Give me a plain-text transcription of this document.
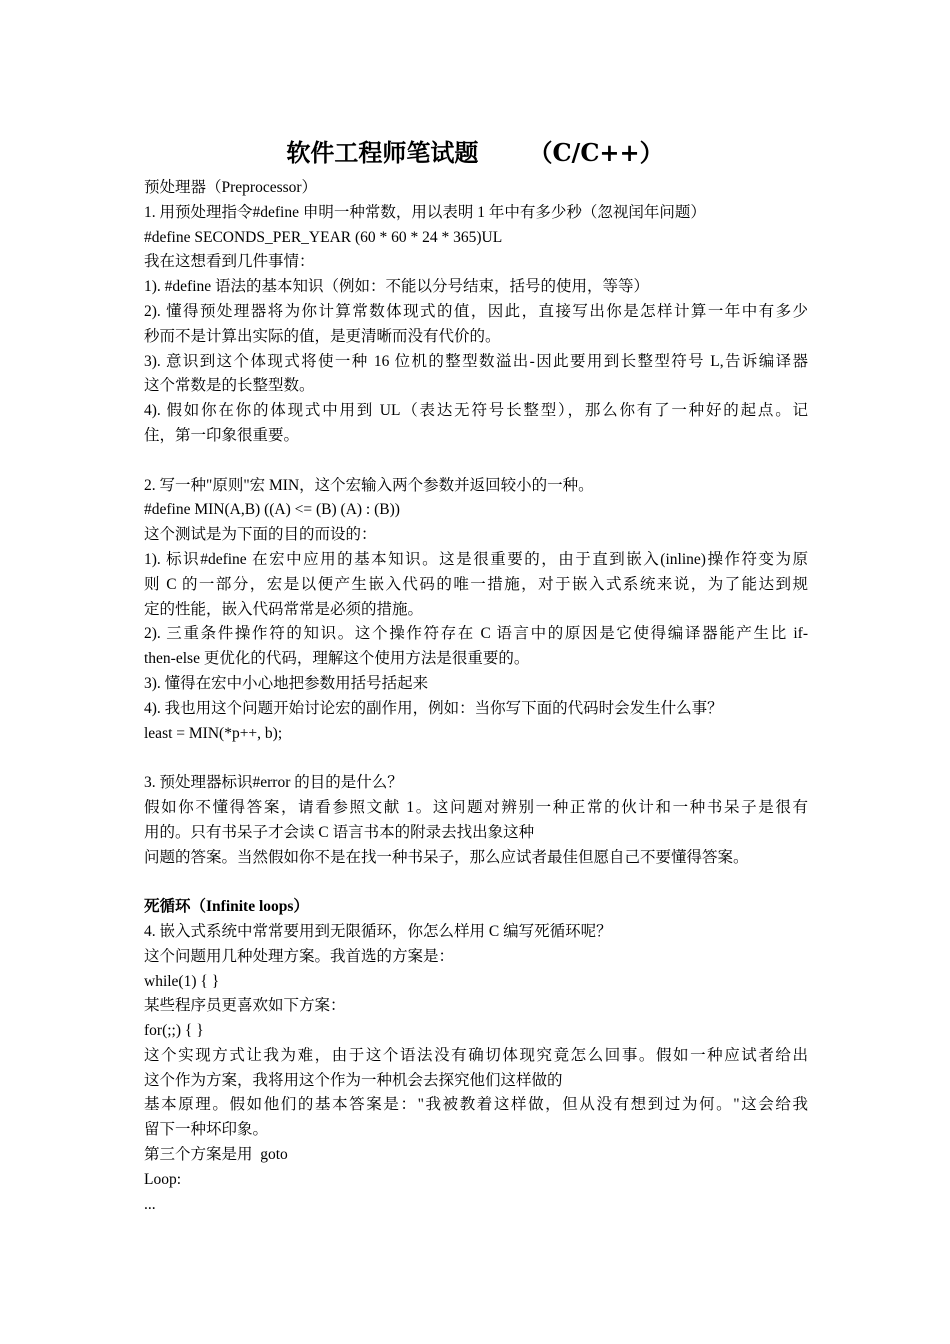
软件工程师笔试题      （C/C++）
预处理器（Preprocessor）
1. 用预处理指令#define 申明一种常数，用以表明 1 年中有多少秒（忽视闰年问题）
#define SECONDS_PER_YEAR (60 * 60 * 24 * 365)UL
我在这想看到几件事情：
1). #define 语法的基本知识（例如：不能以分号结束，括号的使用，等等）
2). 懂得预处理器将为你计算常数体现式的值，因此，直接写出你是怎样计算一年中有多少
秒而不是计算出实际的值，是更清晰而没有代价的。
3). 意识到这个体现式将使一种 16 位机的整型数溢出-因此要用到长整型符号 L,告诉编译器
这个常数是的长整型数。
4). 假如你在你的体现式中用到 UL（表达无符号长整型），那么你有了一种好的起点。记
住，第一印象很重要。
2. 写一种"原则"宏 MIN，这个宏输入两个参数并返回较小的一种。
#define MIN(A,B) ((A) <= (B) (A) : (B))
这个测试是为下面的目的而设的：
1). 标识#define 在宏中应用的基本知识。这是很重要的，由于直到嵌入(inline)操作符变为原
则 C 的一部分，宏是以便产生嵌入代码的唯一措施，对于嵌入式系统来说，为了能达到规
定的性能，嵌入代码常常是必须的措施。
2). 三重条件操作符的知识。这个操作符存在 C 语言中的原因是它使得编译器能产生比 if-
then-else 更优化的代码，理解这个使用方法是很重要的。
3). 懂得在宏中小心地把参数用括号括起来
4). 我也用这个问题开始讨论宏的副作用，例如：当你写下面的代码时会发生什么事？
least = MIN(*p++, b);
3. 预处理器标识#error 的目的是什么？
假如你不懂得答案，请看参照文献 1。这问题对辨别一种正常的伙计和一种书呆子是很有
用的。只有书呆子才会读 C 语言书本的附录去找出象这种
问题的答案。当然假如你不是在找一种书呆子，那么应试者最佳但愿自己不要懂得答案。
死循环（Infinite loops）
4. 嵌入式系统中常常要用到无限循环，你怎么样用 C 编写死循环呢？
这个问题用几种处理方案。我首选的方案是：
while(1) { }
某些程序员更喜欢如下方案：
for(;;) { }
这个实现方式让我为难，由于这个语法没有确切体现究竟怎么回事。假如一种应试者给出
这个作为方案，我将用这个作为一种机会去探究他们这样做的
基本原理。假如他们的基本答案是："我被教着这样做，但从没有想到过为何。"这会给我
留下一种坏印象。
第三个方案是用  goto
Loop:
...
